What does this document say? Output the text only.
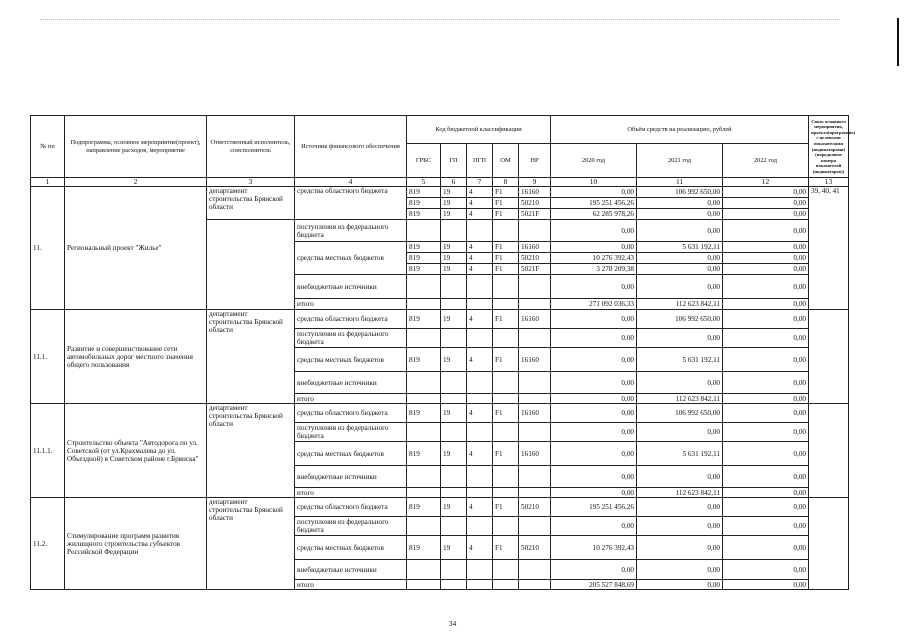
№ пп	Подпрограмма, основное мероприятие(проект), направление расходов, мероприятие	Ответственный исполнитель, соисполнитель	Источник финансового обеспечения	Код бюджетной классификации					Объём средств на реализацию, рублей			Связь основного мероприятия, проекта(программы) с целевыми показателями (индикаторами) (порядковые номера показателей (индикаторов))
				ГРБС	ГП	ПГП	ОМ	НР	2020 год	2021 год	2022 год	
1	2	3	4	5	6	7	8	9	10	11	12	13
11.	Региональный проект "Жилье"	департамент строительства Брянской области	средства областного бюджета	819	19	4	F1	16160	0,00	106 992 650,00	0,00	39, 40, 41
				819	19	4	F1	50210	195 251 456,26	0,00	0,00	
				819	19	4	F1	5021F	62 285 978,26	0,00	0,00	
			поступления из федерального бюджета						0,00	0,00	0,00	
			средства местных бюджетов	819	19	4	F1	16160	0,00	5 631 192,11	0,00	
				819	19	4	F1	50210	10 276 392,43	0,00	0,00	
				819	19	4	F1	5021F	3 278 209,38	0,00	0,00	
			внебюджетные источники						0,00	0,00	0,00	
			итого						271 092 036,33	112 623 842,11	0,00	

11.1.	Развитие и совершенствование сети автомобильных дорог местного значения общего пользования	департамент строительства Брянской области	средства областного бюджета	819	19	4	F1	16160	0,00	106 992 650,00	0,00	
			поступления из федерального бюджета						0,00	0,00	0,00	
			средства местных бюджетов	819	19	4	F1	16160	0,00	5 631 192,11	0,00	
			внебюджетные источники						0,00	0,00	0,00	
			итого						0,00	112 623 842,11	0,00	
11.1.1.	Строительство объекта "Автодорога по ул. Советской (от ул.Крахмалева до ул. Объездной) в Советском районе г.Брянска"	департамент строительства Брянской области	средства областного бюджета	819	19	4	F1	16160	0,00	106 992 650,00	0,00	
			поступления из федерального бюджета						0,00	0,00	0,00	
			средства местных бюджетов	819	19	4	F1	16160	0,00	5 631 192,11	0,00	
			внебюджетные источники						0,00	0,00	0,00	
			итого						0,00	112 623 842,11	0,00	
11.2.	Стимулирование программ развития жилищного строительства субъектов Российской Федерации	департамент строительства Брянской области	средства областного бюджета	819	19	4	F1	50210	195 251 456,26	0,00	0,00	
			поступления из федерального бюджета						0,00	0,00	0,00	
			средства местных бюджетов	819	19	4	F1	50210	10 276 392,43	0,00	0,00	
			внебюджетные источники						0,00	0,00	0,00	
			итого						205 527 848,69	0,00	0,00	
34
